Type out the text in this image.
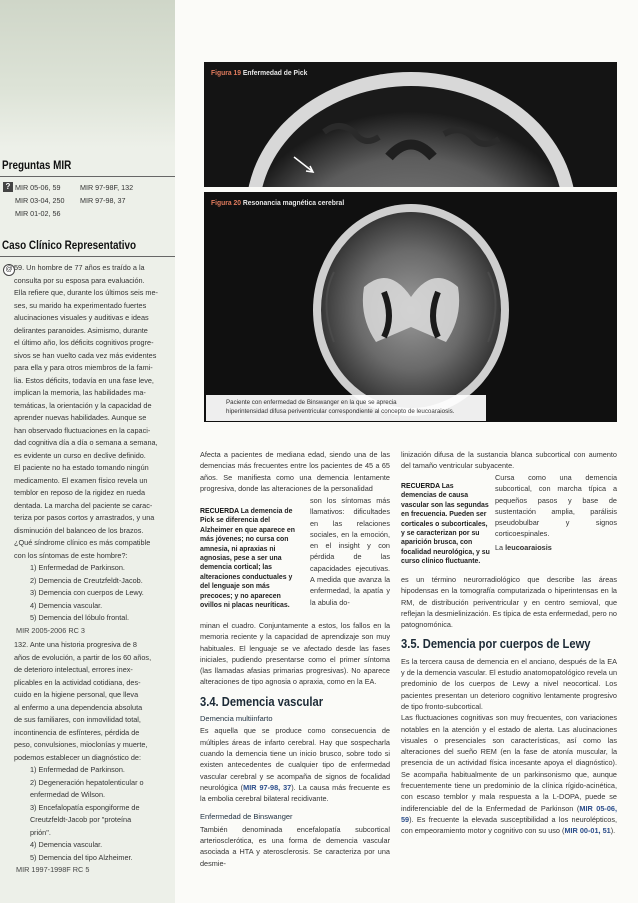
Preguntas MIR
? MIR 05-06, 59	MIR 97-98F, 132
MIR 03-04, 250 MIR 97-98, 37
MIR 01-02, 56
Caso Clínico Representativo
@ 59. Un hombre de 77 años es traído a la

consulta por su esposa para evaluación.

Ella refiere que, durante los últimos seis me-

ses, su marido ha experimentado fuertes

alucinaciones visuales y auditivas e ideas

delirantes paranoides. Asimismo, durante

el último año, los déficits cognitivos progre-

sivos se han vuelto cada vez más evidentes

para ella y para otros miembros de la fami-

lia. Estos déficits, todavía en una fase leve,

implican la memoria, las habilidades ma-

temáticas, la orientación y la capacidad de

aprender nuevas habilidades. Aunque se

han observado fluctuaciones en la capaci-

dad cognitiva día a día o semana a semana,

es evidente un curso en declive definido.

El paciente no ha estado tomando ningún

medicamento. El examen físico revela un

temblor en reposo de la rigidez en rueda

dentada. La marcha del paciente se carac-

teriza por pasos cortos y arrastrados, y una

disminución del balanceo de los brazos.

¿Qué síndrome clínico es más compatible

con los síntomas de este hombre?:

1) Enfermedad de Parkinson.

2) Demencia de Creutzfeldt-Jacob.

3) Demencia con cuerpos de Lewy.

4) Demencia vascular.

5) Demencia del lóbulo frontal.

MIR 2005-2006 RC 3

132. Ante una historia progresiva de 8

años de evolución, a partir de los 60 años,

de deterioro intelectual, errores inex-

plicables en la actividad cotidiana, des-

cuido en la higiene personal, que lleva

al enfermo a una dependencia absoluta

de sus familiares, con inmovilidad total,

incontinencia de esfínteres, pérdida de

peso, convulsiones, mioclonías y muerte,

podemos establecer un diagnóstico de:

1) Enfermedad de Parkinson.

2) Degeneración hepatolenticular o

enfermedad de Wilson.

3) Encefalopatía espongiforme de

Creutzfeldt-Jacob por "proteína

prión".

4) Demencia vascular.

5) Demencia del tipo Alzheimer.

MIR 1997-1998F RC 5

Figura 19 Enfermedad de Pick
Figura 20 Resonancia magnética cerebral
Paciente con enfermedad de Binswanger en la que se aprecia
hiperintensidad difusa periventricular correspondiente al concepto de leucoaraiosis.

Afecta a pacientes de mediana edad, siendo una de las demencias más frecuentes entre los pacientes de 45 a 65 años. Se manifiesta como una demencia lentamente progresiva, donde las alteraciones de la personalidad

RECUERDA La demencia de Pick se diferencia del Alzheimer en que aparece en más jóvenes; no cursa con amnesia, ni apraxias ni agnosias, pese a ser una demencia cortical; las alteraciones conductuales y del lenguaje son más precoces; y no aparecen ovillos ni placas neuríticas.

son los síntomas más llamativos: dificultades en las relaciones sociales, en la emoción, en el insight y con pérdida de las capacidades ejecutivas. A medida que avanza la enfermedad, la apatía y la abulia do-

minan el cuadro. Conjuntamente a estos, los fallos en la memoria reciente y la capacidad de aprendizaje son muy habituales. El lenguaje se ve afectado desde las fases iniciales, pudiendo presentarse como el primer síntoma (las llamadas afasias primarias progresivas). No aparece alteraciones de tipo agnosia o apraxia, como en la EA.

3.4. Demencia vascular
Demencia multiinfarto

Es aquella que se produce como consecuencia de múltiples áreas de infarto cerebral. Hay que sospecharla cuando la demencia tiene un inicio brusco, sobre todo si existen antecedentes de cualquier tipo de enfermedad vascular cerebral y se acompaña de signos de focalidad neurológica (MIR 97-98, 37). La causa más frecuente es la embolia cerebral bilateral recidivante.

Enfermedad de Binswanger

También denominada encefalopatía subcortical arteriosclerótica, es una forma de demencia vascular asociada a HTA y aterosclerosis. Se caracteriza por una desmie-

linización difusa de la sustancia blanca subcortical con aumento del tamaño ventricular subyacente.

RECUERDA Las demencias de causa vascular son las segundas en frecuencia. Pueden ser corticales o subcorticales, y se caracterizan por su aparición brusca, con focalidad neurológica, y su curso clínico fluctuante.

Cursa como una demencia subcortical, con marcha típica a pequeños pasos y base de sustentación amplia, parálisis pseudobulbar y signos corticoespinales.

La leucoaraiosis

es un término neurorradiológico que describe las áreas hipodensas en la tomografía computarizada o hiperintensas en la RM, de distribución periventricular y en centro semioval, que reflejan la desmielinización. Es típica de esta enfermedad, pero no patognomónica.

3.5. Demencia por cuerpos de Lewy

Es la tercera causa de demencia en el anciano, después de la EA y de la demencia vascular. El estudio anatomopatológico revela un predominio de los cuerpos de Lewy a nivel neocortical. Los pacientes presentan un deterioro cognitivo lentamente progresivo de tipo fronto-subcortical.

Las fluctuaciones cognitivas son muy frecuentes, con variaciones notables en la atención y el estado de alerta. Las alucinaciones visuales o presenciales son características, así como las alteraciones del sueño REM (en la fase de atonía muscular, la presencia de un actividad física incesante apoya el diagnóstico). Se acompaña habitualmente de un parkinsonismo que, aunque frecuentemente tiene un predominio de la clínica rígido-acinética, con escaso temblor y mala respuesta a la L-DOPA, puede se indiferenciable del de la Enfermedad de Parkinson (MIR 05-06, 59). Es frecuente la elevada susceptibilidad a los neurolépticos, con empeoramiento motor y cognitivo con su uso (MIR 00-01, 51).
